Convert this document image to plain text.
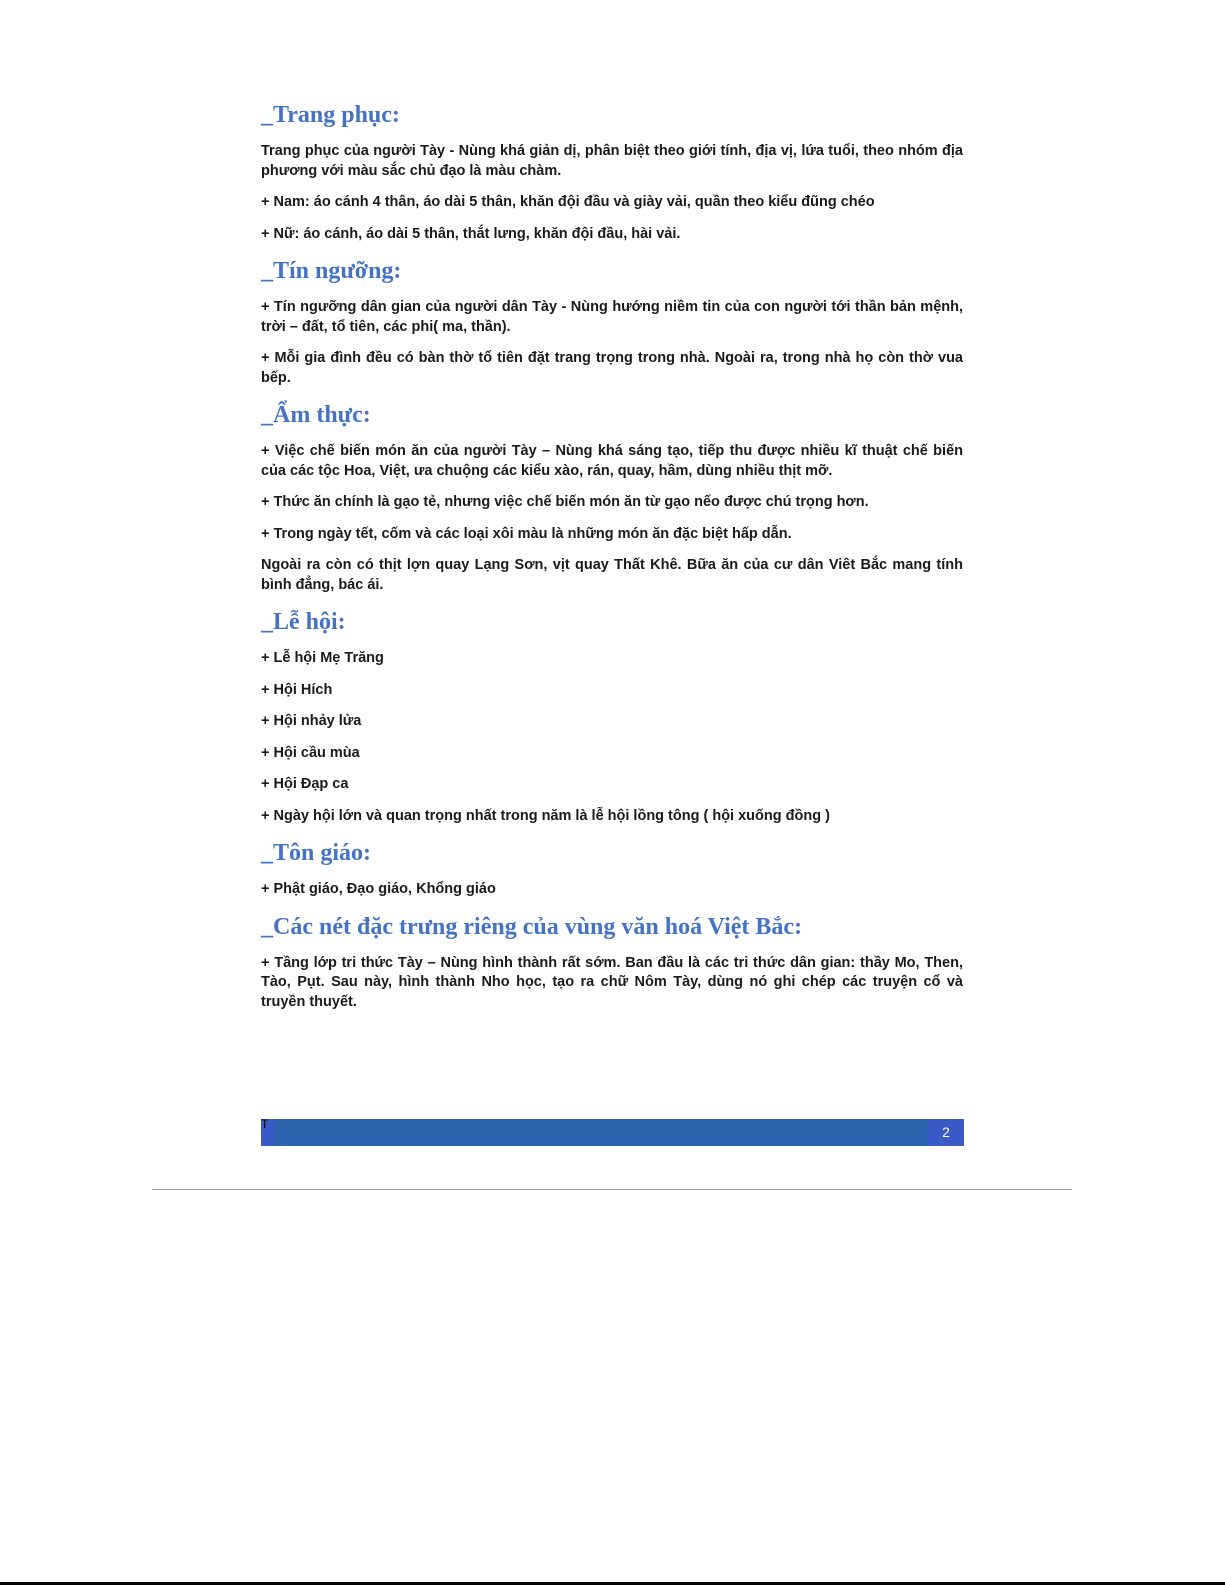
_Trang phục:

Trang phục của người Tày - Nùng khá giản dị, phân biệt theo giới tính, địa vị, lứa tuổi, theo nhóm địa phương với màu sắc chủ đạo là màu chàm.

+ Nam: áo cánh 4 thân, áo dài 5 thân, khăn đội đầu và giày vải, quần theo kiểu đũng chéo

+ Nữ: áo cánh, áo dài 5 thân, thắt lưng, khăn đội đầu, hài vải.

_Tín ngưỡng:

+ Tín ngưỡng dân gian của người dân Tày - Nùng hướng niềm tin của con người tới thần bản mệnh, trời – đất, tổ tiên, các phi( ma, thần).

+ Mỗi gia đình đều có bàn thờ tổ tiên đặt trang trọng trong nhà. Ngoài ra, trong nhà họ còn thờ vua bếp.

_Ẩm thực:

+ Việc chế biến món ăn của người Tày – Nùng khá sáng tạo, tiếp thu được nhiều kĩ thuật chế biến của các tộc Hoa, Việt, ưa chuộng các kiểu xào, rán, quay, hầm, dùng nhiều thịt mỡ.

+ Thức ăn chính là gạo tẻ, nhưng việc chế biến món ăn từ gạo nếo được chú trọng hơn.

+ Trong ngày tết, cốm và các loại xôi màu là những món ăn đặc biệt hấp dẫn.

Ngoài ra còn có thịt lợn quay Lạng Sơn, vịt quay Thất Khê. Bữa ăn của cư dân Viêt Bắc mang tính bình đẳng, bác ái.

_Lễ hội:

+ Lễ hội Mẹ Trăng

+ Hội Hích

+ Hội nhảy lửa

+ Hội cầu mùa

+ Hội Đạp ca

+ Ngày hội lớn và quan trọng nhất trong năm là lễ hội lồng tông ( hội xuống đồng )

_Tôn giáo:

+ Phật giáo, Đạo giáo, Khổng giáo

_Các nét đặc trưng riêng của vùng văn hoá Việt Bắc:

+ Tầng lớp tri thức Tày – Nùng hình thành rất sớm. Ban đầu là các tri thức dân gian: thầy Mo, Then, Tào, Pụt. Sau này, hình thành Nho học, tạo ra chữ Nôm Tày, dùng nó ghi chép các truyện cổ và truyền thuyết.

T	2
